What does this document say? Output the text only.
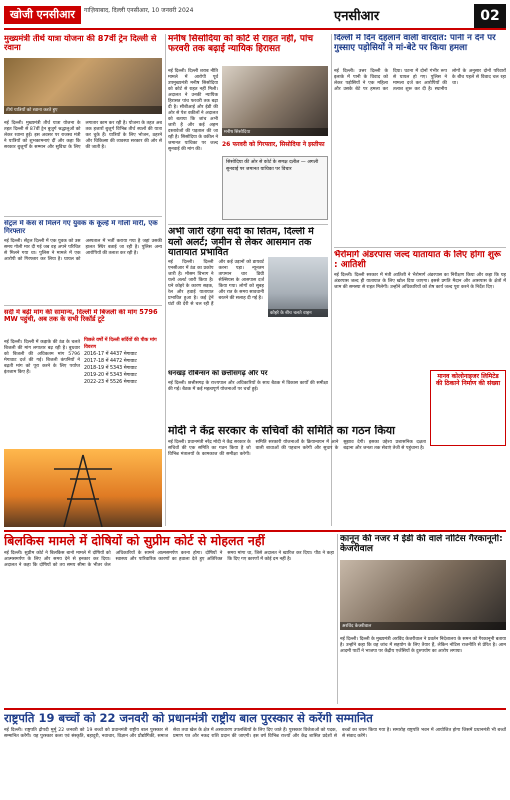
खोजी एनसीआर	गाज़ियाबाद, दिल्ली एनसीआर, 10 जनवरी 2024	एनसीआर	02
मुख्यमंत्री तीर्थ यात्रा योजना की 87वीं ट्रेन दिल्ली से रवाना
तीर्थ यात्रियों को रवाना करते हुए
नई दिल्ली। मुख्यमंत्री तीर्थ यात्रा योजना के तहत दिल्ली से 87वीं ट्रेन बुजुर्ग श्रद्धालुओं को लेकर रवाना हुई। इस अवसर पर राजस्व मंत्री ने यात्रियों को शुभकामनाएं दीं और कहा कि सरकार बुजुर्गों के सम्मान और सुविधा के लिए लगातार काम कर रही है। योजना के तहत अब तक हजारों बुजुर्ग विभिन्न तीर्थ स्थलों की यात्रा कर चुके हैं। यात्रियों के लिए भोजन, ठहरने और चिकित्सा की व्यवस्था सरकार की ओर से की जाती है।
सेंट्रल में केस से मिलने गए युवक के कूल्हे में गोली मारी, एक गिरफ्तार
नई दिल्ली। सेंट्रल दिल्ली में एक युवक को उस समय गोली मार दी गई जब वह अपने परिचित से मिलने गया था। पुलिस ने मामले में एक आरोपी को गिरफ्तार कर लिया है। घायल को अस्पताल में भर्ती कराया गया है जहां उसकी हालत स्थिर बताई जा रही है। पुलिस अन्य आरोपियों की तलाश कर रही है।
सर्दी में बढ़ी मांग की सामान्य, दिल्ली में बिजली की मांग 5796 MW पहुंची, अब तक के सभी रिकॉर्ड टूटे
नई दिल्ली। दिल्ली में कड़ाके की ठंड के चलते बिजली की मांग लगातार बढ़ रही है। बुधवार को बिजली की अधिकतम मांग 5796 मेगावाट दर्ज की गई। बिजली कंपनियों ने बढ़ती मांग को पूरा करने के लिए पर्याप्त इंतजाम किए हैं।
पिछले वर्षों में दिल्ली सर्दियों की पीक मांग विवरण
2016-17 में 4437 मेगावाट
2017-18 में 4472 मेगावाट
2018-19 में 5343 मेगावाट
2019-20 में 5343 मेगावाट
2022-23 में 5526 मेगावाट
मनीष सिसोदिया को कोर्ट से राहत नहीं, पांच फरवरी तक बढ़ाई न्यायिक हिरासत
नई दिल्ली। दिल्ली शराब नीति मामले में आरोपी पूर्व उपमुख्यमंत्री मनीष सिसोदिया को कोर्ट से राहत नहीं मिली। अदालत ने उनकी न्यायिक हिरासत पांच फरवरी तक बढ़ा दी है। सीबीआई और ईडी की ओर से पेश वकीलों ने अदालत को बताया कि जांच अभी जारी है और कई अहम दस्तावेजों की पड़ताल की जा रही है। सिसोदिया के वकील ने जमानत याचिका पर जल्द सुनवाई की मांग की।
मनीष सिसोदिया
26 फरवरी को गिरफ्तार, सिसोदिया ने इस्तीफा
सिसोदिया की ओर से कोर्ट के समक्ष दलील — अगली सुनवाई पर जमानत याचिका पर विचार
अभी जारी रहेगा सर्दी का सितम, दिल्ली में यलो अलर्ट; जमीन से लेकर आसमान तक यातायात प्रभावित
नई दिल्ली। दिल्ली एनसीआर में ठंड का प्रकोप जारी है। मौसम विभाग ने यलो अलर्ट जारी किया है। घने कोहरे के कारण सड़क, रेल और हवाई यातायात प्रभावित हुआ है। कई ट्रेनें घंटों की देरी से चल रही हैं और कई उड़ानों को डायवर्ट करना पड़ा। न्यूनतम तापमान चार डिग्री सेल्सियस के आसपास दर्ज किया गया। लोगों को सुबह और रात के समय सावधानी बरतने की सलाह दी गई है।
कोहरे के बीच चलते वाहन
दिल्ली में दिन दहलाने वाली वारदात: पानी न देने पर गुस्साए पड़ोसियों ने मां-बेटे पर किया हमला
नई दिल्ली। उत्तर दिल्ली के इलाके में पानी के विवाद को लेकर पड़ोसियों ने एक महिला और उसके बेटे पर हमला कर दिया। घटना में दोनों गंभीर रूप से घायल हो गए। पुलिस ने मामला दर्ज कर आरोपियों की तलाश शुरू कर दी है। स्थानीय लोगों के अनुसार दोनों परिवारों के बीच पहले से विवाद चल रहा था।
भैरोमार्ग अंडरपास जल्द यातायात के लिए होगा शुरू : आतिशी
नई दिल्ली। दिल्ली सरकार में मंत्री आतिशी ने भैरोमार्ग अंडरपास का निरीक्षण किया और कहा कि यह अंडरपास जल्द ही यातायात के लिए खोल दिया जाएगा। इससे प्रगति मैदान और आसपास के क्षेत्रों में जाम की समस्या से राहत मिलेगी। उन्होंने अधिकारियों को शेष कार्य जल्द पूरा करने के निर्देश दिए।
मानव कोलोनाइजर लिमिटेड की ठिकाने निर्माण की संख्या
धनखड़ रोबिन्सन को छत्तीसगढ़ और पर
नई दिल्ली। छत्तीसगढ़ के राज्यपाल और अधिकारियों के साथ बैठक में विकास कार्यों की समीक्षा की गई। बैठक में कई महत्वपूर्ण योजनाओं पर चर्चा हुई।
मोदी ने केंद्र सरकार के सचिवों की समिति का गठन किया
नई दिल्ली। प्रधानमंत्री नरेंद्र मोदी ने केंद्र सरकार के सचिवों की एक समिति का गठन किया है जो विभिन्न मंत्रालयों के कामकाज की समीक्षा करेगी। समिति सरकारी योजनाओं के क्रियान्वयन में आने वाली बाधाओं की पहचान करेगी और सुधार के सुझाव देगी। इसका उद्देश्य प्रशासनिक दक्षता बढ़ाना और जनता तक सेवाएं तेजी से पहुंचाना है।
बिलकिस मामले में दोषियों को सुप्रीम कोर्ट से मोहलत नहीं
नई दिल्ली। सुप्रीम कोर्ट ने बिलकिस बानो मामले में दोषियों को आत्मसमर्पण के लिए और समय देने से इनकार कर दिया। अदालत ने कहा कि दोषियों को तय समय सीमा के भीतर जेल अधिकारियों के सामने आत्मसमर्पण करना होगा। दोषियों ने स्वास्थ्य और पारिवारिक कारणों का हवाला देते हुए अतिरिक्त समय मांगा था, जिसे अदालत ने खारिज कर दिया। पीठ ने कहा कि दिए गए कारणों में कोई दम नहीं है।
कानून की नजर में ईडी की वाले नोटिस गैरकानूनी: केजरीवाल
अरविंद केजरीवाल
नई दिल्ली। दिल्ली के मुख्यमंत्री अरविंद केजरीवाल ने प्रवर्तन निदेशालय के समन को गैरकानूनी बताया है। उन्होंने कहा कि वह जांच में सहयोग के लिए तैयार हैं, लेकिन नोटिस राजनीति से प्रेरित है। आम आदमी पार्टी ने भाजपा पर केंद्रीय एजेंसियों के दुरुपयोग का आरोप लगाया।
राष्ट्रपति 19 बच्चों को 22 जनवरी को प्रधानमंत्री राष्ट्रीय बाल पुरस्कार से करेंगी सम्मानित
नई दिल्ली। राष्ट्रपति द्रौपदी मुर्मू 22 जनवरी को 19 बच्चों को प्रधानमंत्री राष्ट्रीय बाल पुरस्कार से सम्मानित करेंगी। यह पुरस्कार कला एवं संस्कृति, बहादुरी, नवाचार, विज्ञान और प्रौद्योगिकी, समाज सेवा तथा खेल के क्षेत्र में असाधारण उपलब्धियों के लिए दिए जाते हैं। पुरस्कार विजेताओं को पदक, प्रमाण पत्र और नकद राशि प्रदान की जाएगी। इस वर्ष विभिन्न राज्यों और केंद्र शासित प्रदेशों से बच्चों का चयन किया गया है। समारोह राष्ट्रपति भवन में आयोजित होगा जिसमें प्रधानमंत्री भी बच्चों से संवाद करेंगे।
